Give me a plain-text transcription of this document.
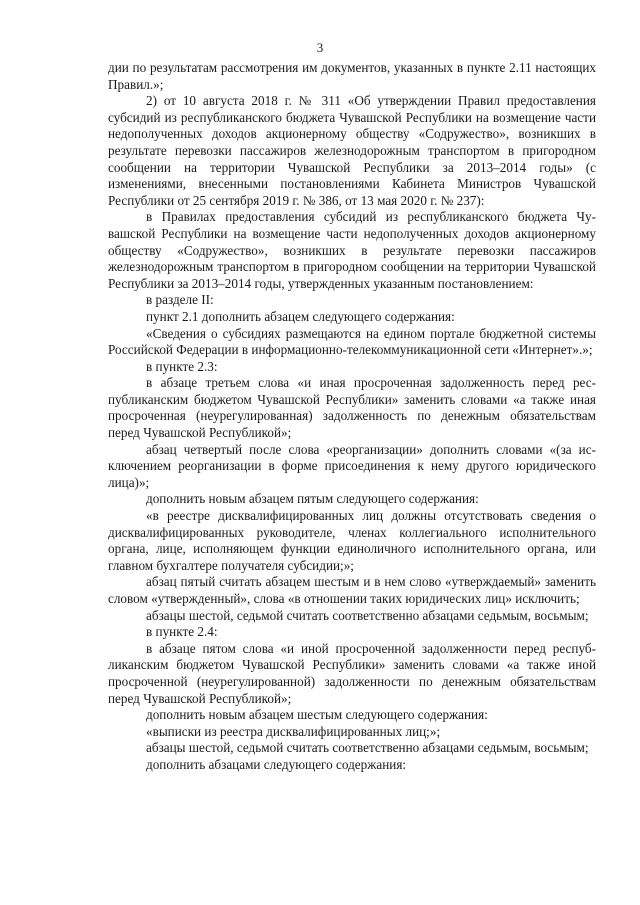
3

дии по результатам рассмотрения им документов, указанных в пункте 2.11 настоящих Правил.»;

2) от 10 августа 2018 г. № 311 «Об утверждении Правил предоставления субсидий из республиканского бюджета Чувашской Республики на возмещение части недополученных доходов акционерному обществу «Содружество», возникших в результате перевозки пассажиров железнодорожным транспортом в пригородном сообщении на территории Чувашской Республики за 2013–2014 годы» (с изменениями, внесенными постановлениями Кабинета Министров Чувашской Республики от 25 сентября 2019 г. № 386, от 13 мая 2020 г. № 237):

в Правилах предоставления субсидий из республиканского бюджета Чувашской Республики на возмещение части недополученных доходов акционерному обществу «Содружество», возникших в результате перевозки пассажиров железнодорожным транспортом в пригородном сообщении на территории Чувашской Республики за 2013–2014 годы, утвержденных указанным постановлением:

в разделе II:

пункт 2.1 дополнить абзацем следующего содержания:

«Сведения о субсидиях размещаются на едином портале бюджетной системы Российской Федерации в информационно-телекоммуникационной сети «Интернет».»;

в пункте 2.3:

в абзаце третьем слова «и иная просроченная задолженность перед республиканским бюджетом Чувашской Республики» заменить словами «а также иная просроченная (неурегулированная) задолженность по денежным обязательствам перед Чувашской Республикой»;

абзац четвертый после слова «реорганизации» дополнить словами «(за исключением реорганизации в форме присоединения к нему другого юридического лица)»;

дополнить новым абзацем пятым следующего содержания:

«в реестре дисквалифицированных лиц должны отсутствовать сведения о дисквалифицированных руководителе, членах коллегиального исполнительного органа, лице, исполняющем функции единоличного исполнительного органа, или главном бухгалтере получателя субсидии;»;

абзац пятый считать абзацем шестым и в нем слово «утверждаемый» заменить словом «утвержденный», слова «в отношении таких юридических лиц» исключить;

абзацы шестой, седьмой считать соответственно абзацами седьмым, восьмым;

в пункте 2.4:

в абзаце пятом слова «и иной просроченной задолженности перед республиканским бюджетом Чувашской Республики» заменить словами «а также иной просроченной (неурегулированной) задолженности по денежным обязательствам перед Чувашской Республикой»;

дополнить новым абзацем шестым следующего содержания:

«выписки из реестра дисквалифицированных лиц;»;

абзацы шестой, седьмой считать соответственно абзацами седьмым, восьмым;

дополнить абзацами следующего содержания:
